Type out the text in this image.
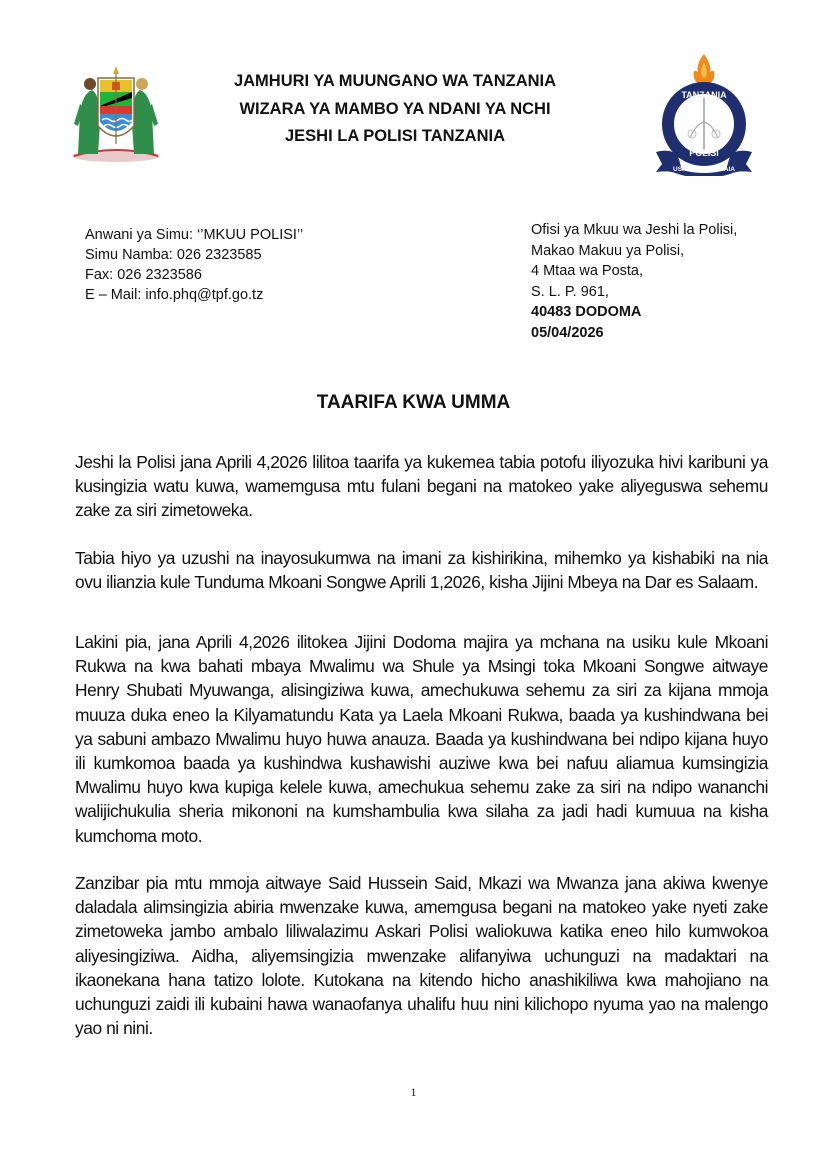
JAMHURI YA MUUNGANO WA TANZANIA
WIZARA YA MAMBO YA NDANI YA NCHI
JESHI LA POLISI TANZANIA
TANZANIA
POLISI
USALAMA WA RAIA
Anwani ya Simu: ‘’MKUU POLISI’’
Simu Namba: 026 2323585
Fax: 026 2323586
E – Mail: info.phq@tpf.go.tz
Ofisi ya Mkuu wa Jeshi la Polisi,
Makao Makuu ya Polisi,
4 Mtaa wa Posta,
S. L. P. 961,
40483 DODOMA
05/04/2026
TAARIFA KWA UMMA
Jeshi la Polisi jana Aprili 4,2026 lilitoa taarifa ya kukemea tabia potofu iliyozuka hivi karibuni ya kusingizia watu kuwa, wamemgusa mtu fulani begani na matokeo yake aliyeguswa sehemu zake za siri zimetoweka.
Tabia hiyo ya uzushi na inayosukumwa na imani za kishirikina, mihemko ya kishabiki na nia ovu ilianzia kule Tunduma Mkoani Songwe Aprili 1,2026, kisha Jijini Mbeya na Dar es Salaam.
Lakini pia, jana Aprili 4,2026 ilitokea Jijini Dodoma majira ya mchana na usiku kule Mkoani Rukwa na kwa bahati mbaya Mwalimu wa Shule ya Msingi toka Mkoani Songwe aitwaye Henry Shubati Myuwanga, alisingiziwa kuwa, amechukuwa sehemu za siri za kijana mmoja muuza duka eneo la Kilyamatundu Kata ya Laela Mkoani Rukwa, baada ya kushindwana bei ya sabuni ambazo Mwalimu huyo huwa anauza. Baada ya kushindwana bei ndipo kijana huyo ili kumkomoa baada ya kushindwa kushawishi auziwe kwa bei nafuu aliamua kumsingizia Mwalimu huyo kwa kupiga kelele kuwa, amechukua sehemu zake za siri na ndipo wananchi walijichukulia sheria mikononi na kumshambulia kwa silaha za jadi hadi kumuua na kisha kumchoma moto.
Zanzibar pia mtu mmoja aitwaye Said Hussein Said, Mkazi wa Mwanza jana akiwa kwenye daladala alimsingizia abiria mwenzake kuwa, amemgusa begani na matokeo yake nyeti zake zimetoweka jambo ambalo liliwalazimu Askari Polisi waliokuwa katika eneo hilo kumwokoa aliyesingiziwa. Aidha, aliyemsingizia mwenzake alifanyiwa uchunguzi na madaktari na ikaonekana hana tatizo lolote. Kutokana na kitendo hicho anashikiliwa kwa mahojiano na uchunguzi zaidi ili kubaini hawa wanaofanya uhalifu huu nini kilichopo nyuma yao na malengo yao ni nini.
1
